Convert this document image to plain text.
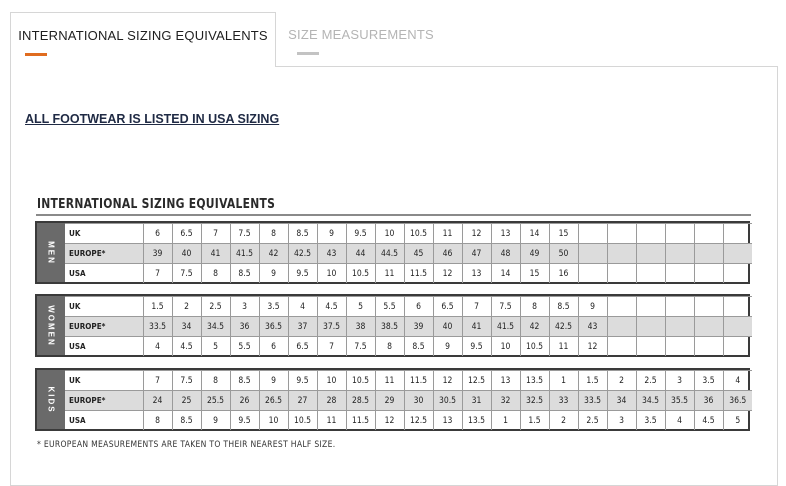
INTERNATIONAL SIZING EQUIVALENTS	SIZE MEASUREMENTS
ALL FOOTWEAR IS LISTED IN USA SIZING
INTERNATIONAL SIZING EQUIVALENTS
MEN
UK	6	6.5	7	7.5	8	8.5	9	9.5	10	10.5	11	12	13	14	15						
EUROPE*	39	40	41	41.5	42	42.5	43	44	44.5	45	46	47	48	49	50						
USA	7	7.5	8	8.5	9	9.5	10	10.5	11	11.5	12	13	14	15	16						
WOMEN UK	1.5	2	2.5	3	3.5	4	4.5	5	5.5	6	6.5	7	7.5	8	8.5	9					
EUROPE*	33.5	34	34.5	36	36.5	37	37.5	38	38.5	39	40	41	41.5	42	42.5	43					
USA	4	4.5	5	5.5	6	6.5	7	7.5	8	8.5	9	9.5	10	10.5	11	12					
KIDS
UK	7	7.5	8	8.5	9	9.5	10	10.5	11	11.5	12	12.5	13	13.5	1	1.5	2	2.5	3	3.5	4
EUROPE*	24	25	25.5	26	26.5	27	28	28.5	29	30	30.5	31	32	32.5	33	33.5	34	34.5	35.5	36	36.5
USA	8	8.5	9	9.5	10	10.5	11	11.5	12	12.5	13	13.5	1	1.5	2	2.5	3	3.5	4	4.5	5
* EUROPEAN MEASUREMENTS ARE TAKEN TO THEIR NEAREST HALF SIZE.
